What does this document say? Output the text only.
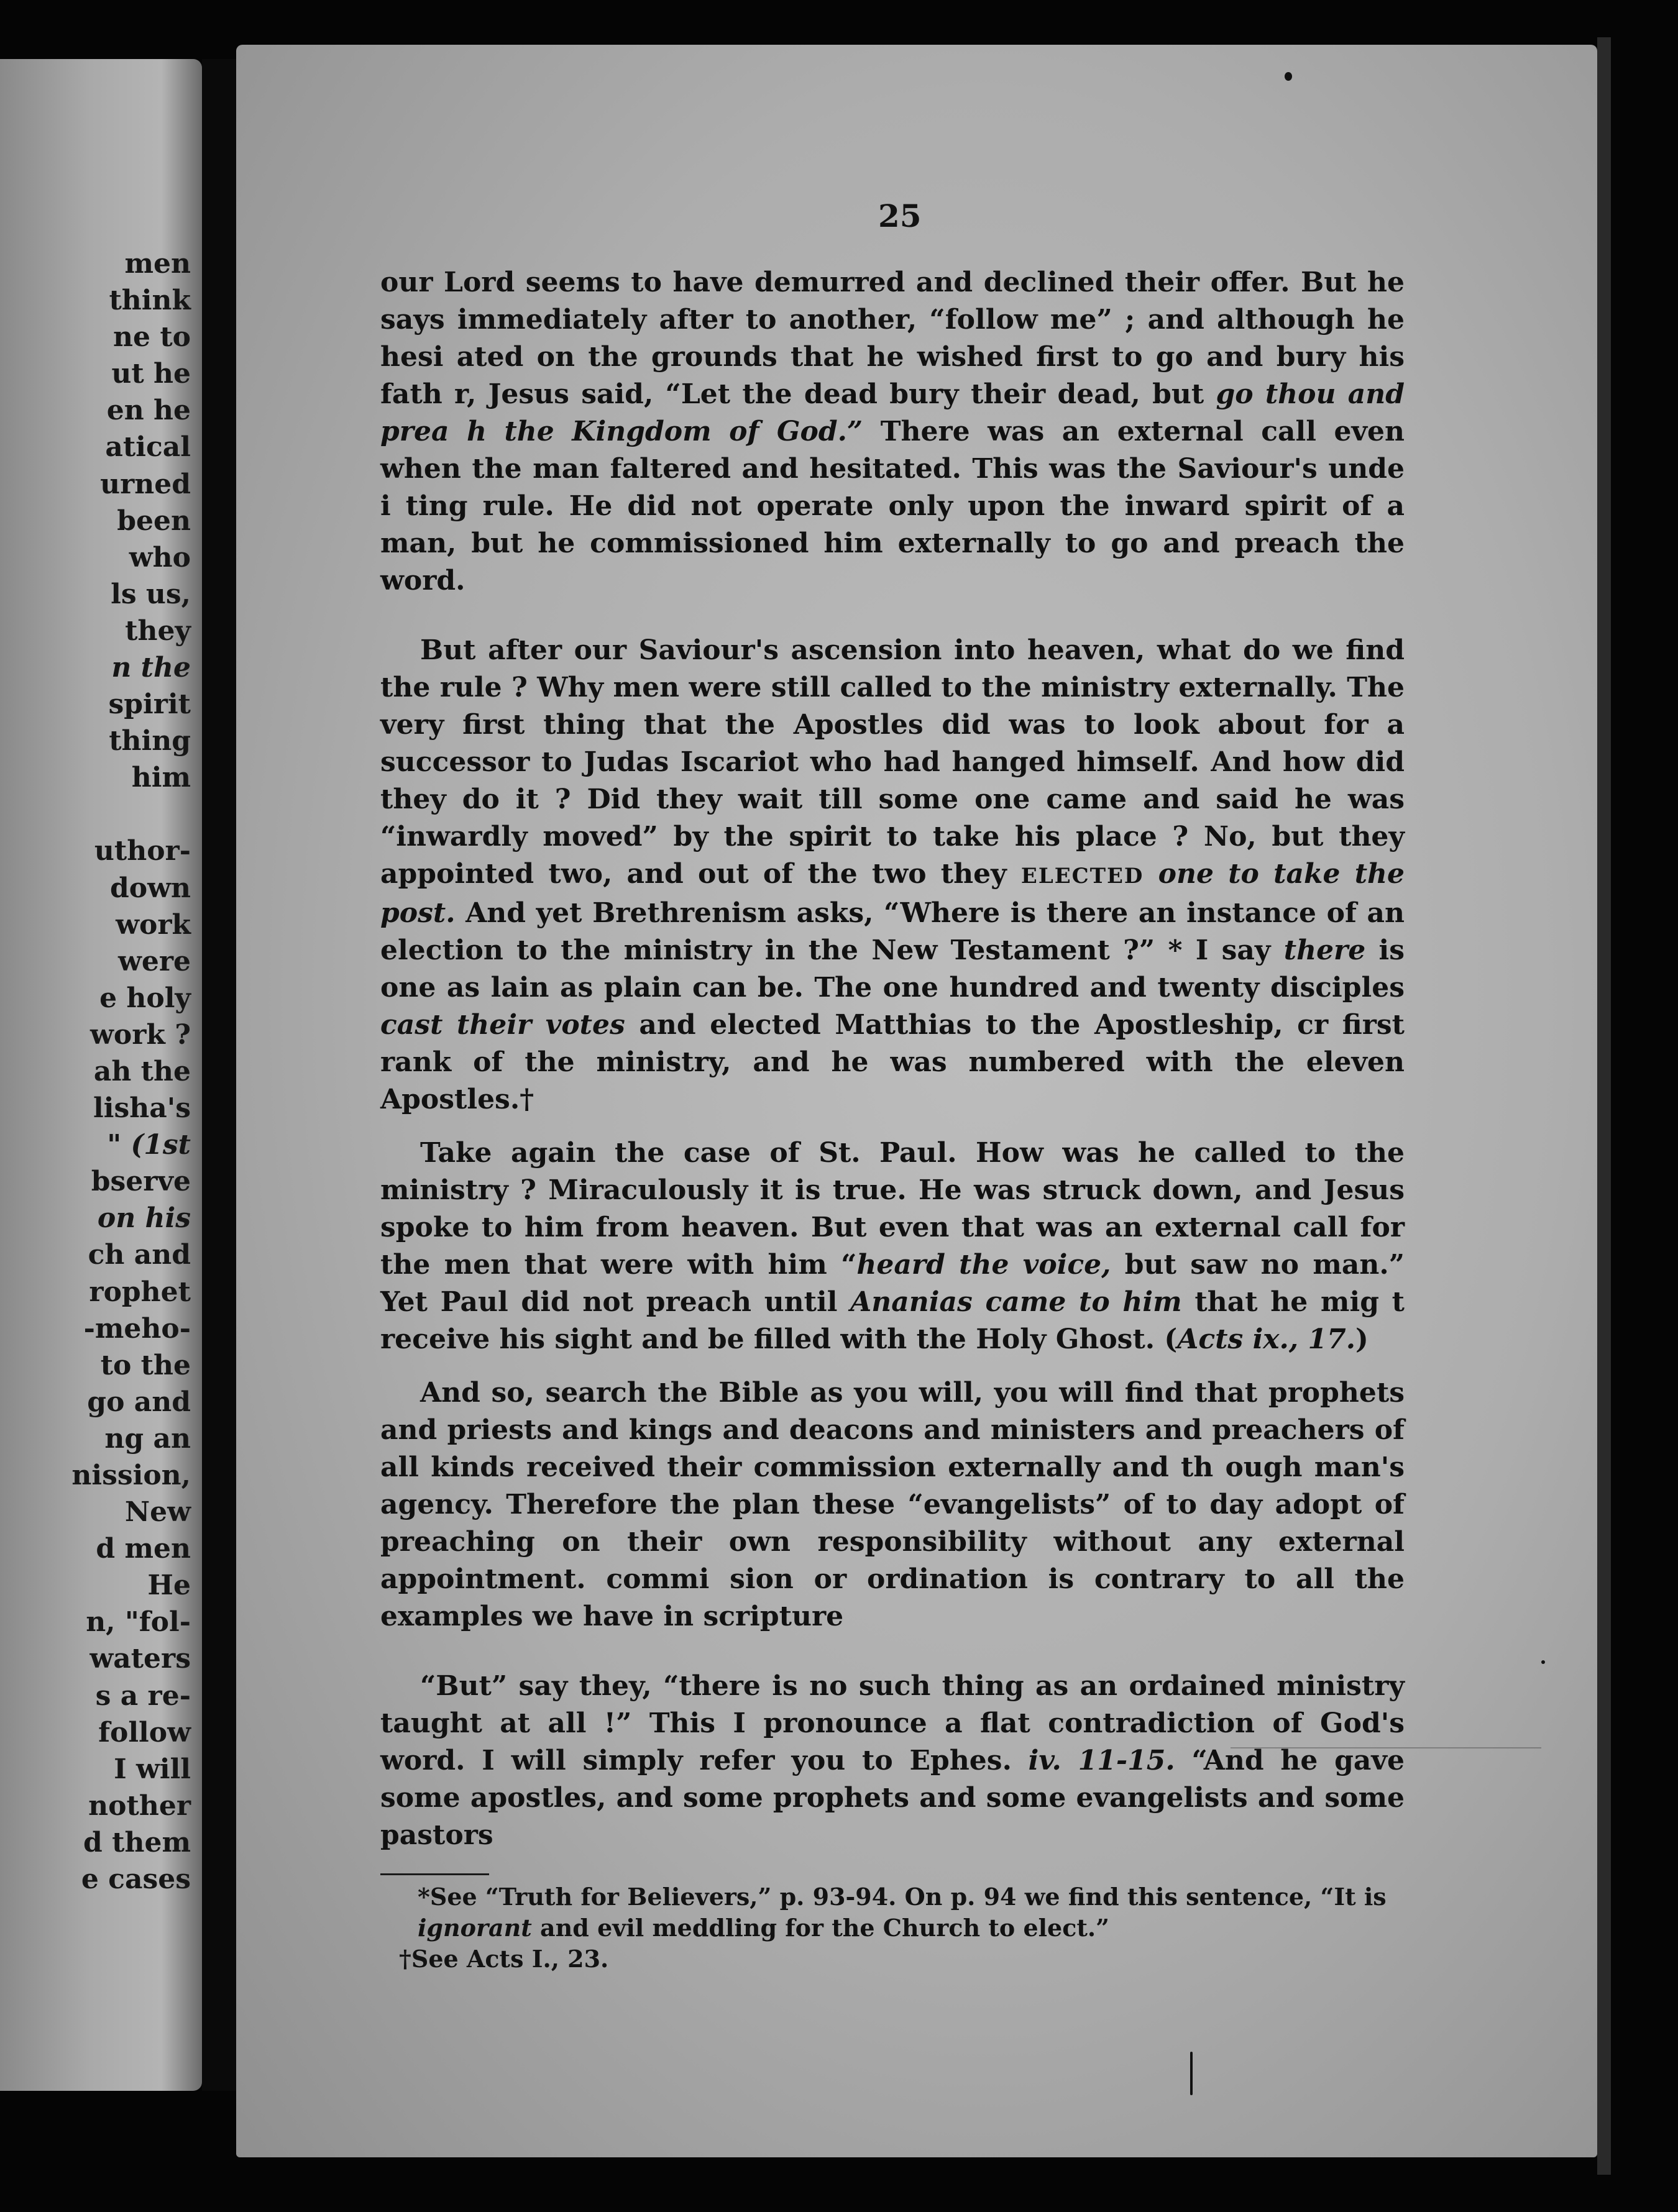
men
think
ne to
ut he
en he
atical
urned
been
who
ls us,
they
n the
spirit
thing
him

uthor-
down
work
were
e holy
work ?
ah the
lisha's
" (1st
bserve
on his
ch and
rophet
-meho-
to the
go and
ng an
nission,
New
d men
He
n, "fol-
waters
s a re-
follow
I will
nother
d them
e cases
25

our Lord seems to have demurred and declined their offer. But he says immediately after to another, “follow me” ; and although he hesi ated on the grounds that he wished first to go and bury his fath r, Jesus said, “Let the dead bury their dead, but go thou and prea h the Kingdom of God.” There was an external call even when the man faltered and hesitated. This was the Saviour's unde i ting rule. He did not operate only upon the inward spirit of a man, but he commissioned him externally to go and preach the word.

But after our Saviour's ascension into heaven, what do we find the rule ? Why men were still called to the ministry externally. The very first thing that the Apostles did was to look about for a successor to Judas Iscariot who had hanged himself. And how did they do it ? Did they wait till some one came and said he was “inwardly moved” by the spirit to take his place ? No, but they appointed two, and out of the two they ELECTED one to take the post. And yet Brethrenism asks, “Where is there an instance of an election to the ministry in the New Testament ?” * I say there is one as lain as plain can be. The one hundred and twenty disciples cast their votes and elected Matthias to the Apostleship, cr first rank of the ministry, and he was numbered with the eleven Apostles.†

Take again the case of St. Paul. How was he called to the ministry ? Miraculously it is true. He was struck down, and Jesus spoke to him from heaven. But even that was an external call for the men that were with him “heard the voice, but saw no man.” Yet Paul did not preach until Ananias came to him that he mig t receive his sight and be filled with the Holy Ghost. (Acts ix., 17.)

And so, search the Bible as you will, you will find that prophets and priests and kings and deacons and ministers and preachers of all kinds received their commission externally and th ough man's agency. Therefore the plan these “evangelists” of to day adopt of preaching on their own responsibility without any external appointment. commi sion or ordination is contrary to all the examples we have in scripture

“But” say they, “there is no such thing as an ordained ministry taught at all !” This I pronounce a flat contradiction of God's word. I will simply refer you to Ephes. iv. 11-15. “And he gave some apostles, and some prophets and some evangelists and some pastors

*See “Truth for Believers,” p. 93-94. On p. 94 we find this sentence, “It is ignorant and evil meddling for the Church to elect.”

†See Acts I., 23.
